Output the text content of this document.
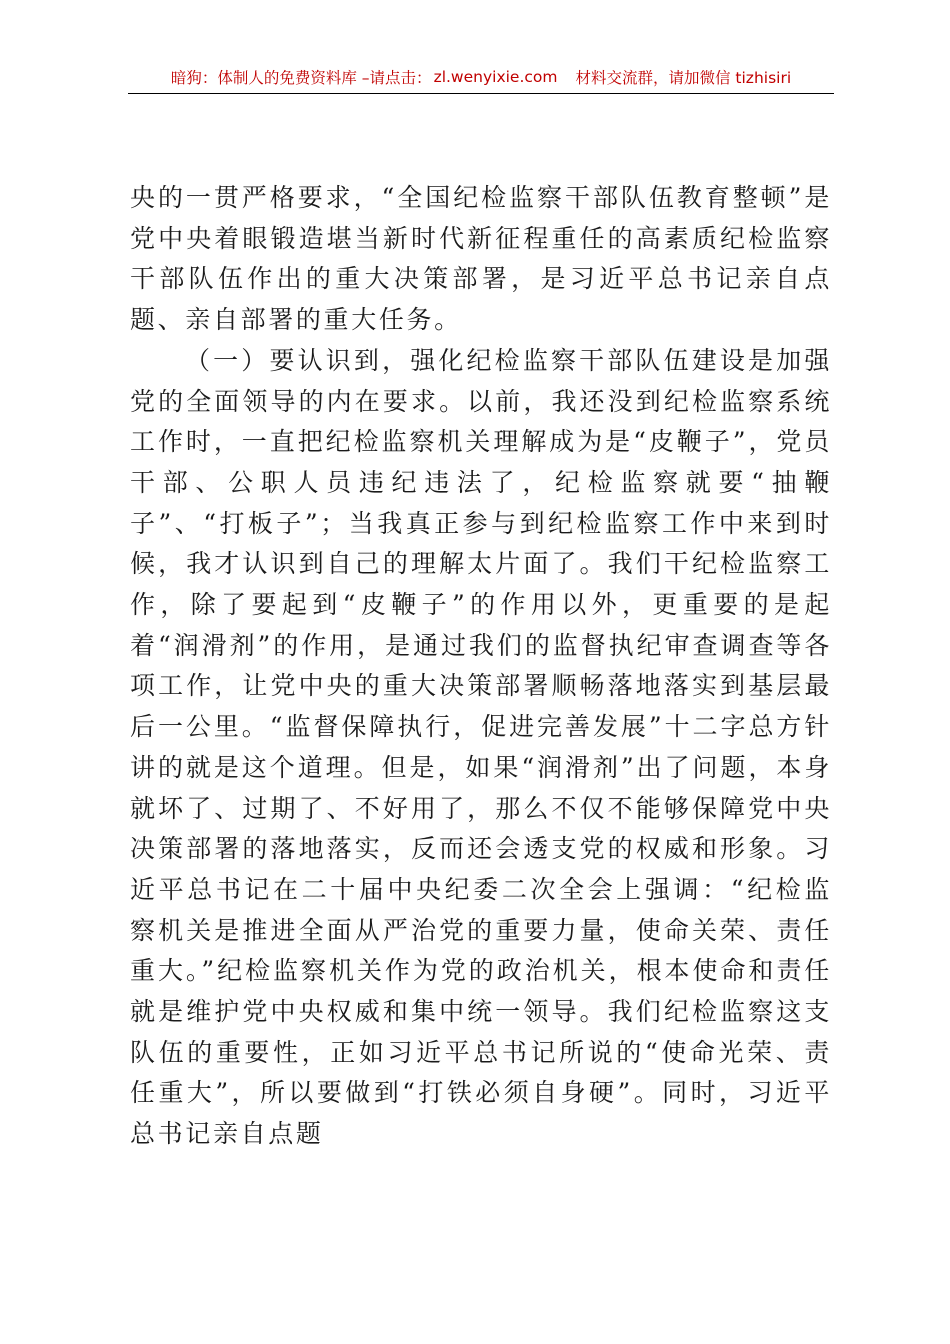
暗狗：体制人的免费资料库 –请点击： zl.wenyixie.com 材料交流群，请加微信 tizhisiri

央的一贯严格要求，“全国纪检监察干部队伍教育整顿”是党中央着眼锻造堪当新时代新征程重任的高素质纪检监察干部队伍作出的重大决策部署，是习近平总书记亲自点题、亲自部署的重大任务。

（一）要认识到，强化纪检监察干部队伍建设是加强党的全面领导的内在要求。以前，我还没到纪检监察系统工作时，一直把纪检监察机关理解成为是“皮鞭子”，党员干部、公职人员违纪违法了，纪检监察就要“抽鞭子”、“打板子”；当我真正参与到纪检监察工作中来到时候，我才认识到自己的理解太片面了。我们干纪检监察工作，除了要起到“皮鞭子”的作用以外，更重要的是起着“润滑剂”的作用，是通过我们的监督执纪审查调查等各项工作，让党中央的重大决策部署顺畅落地落实到基层最后一公里。“监督保障执行，促进完善发展”十二字总方针讲的就是这个道理。但是，如果“润滑剂”出了问题，本身就坏了、过期了、不好用了，那么不仅不能够保障党中央决策部署的落地落实，反而还会透支党的权威和形象。习近平总书记在二十届中央纪委二次全会上强调：“纪检监察机关是推进全面从严治党的重要力量，使命关荣、责任重大。”纪检监察机关作为党的政治机关，根本使命和责任就是维护党中央权威和集中统一领导。我们纪检监察这支队伍的重要性，正如习近平总书记所说的“使命光荣、责任重大”，所以要做到“打铁必须自身硬”。同时，习近平总书记亲自点题
